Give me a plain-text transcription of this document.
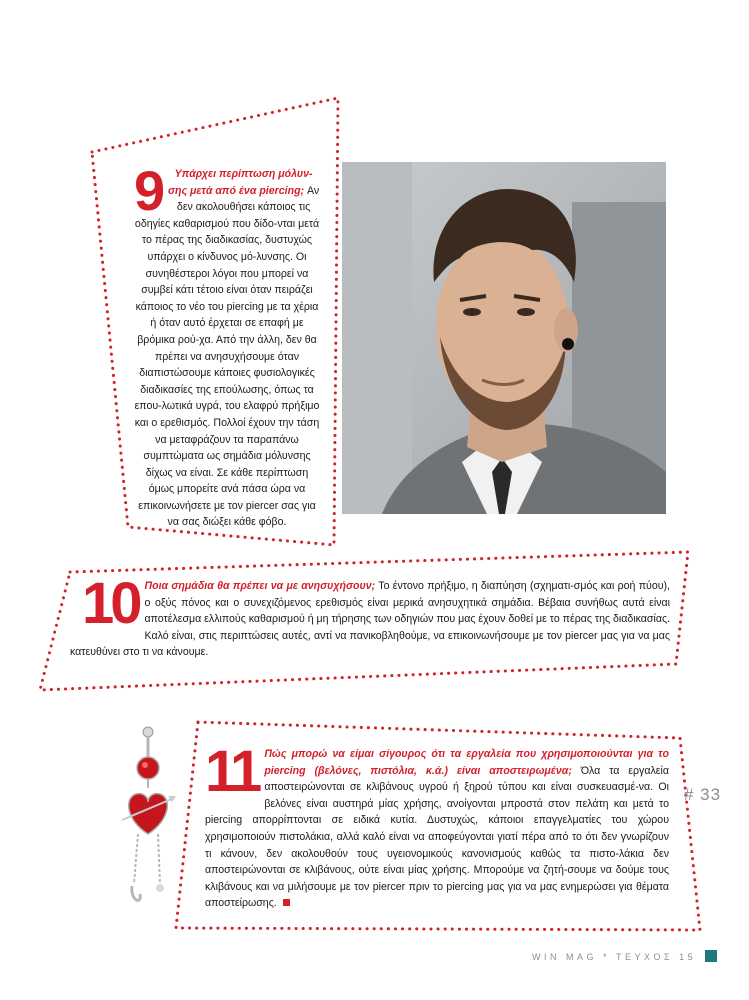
9 Υπάρχει περίπτωση μόλυν-σης μετά από ένα piercing; Αν δεν ακολουθήσει κάποιος τις οδηγίες καθαρισμού που δίδο-νται μετά το πέρας της διαδικασίας, δυστυχώς υπάρχει ο κίνδυνος μό-λυνσης. Οι συνηθέστεροι λόγοι που μπορεί να συμβεί κάτι τέτοιο είναι όταν πειράζει κάποιος το νέο του piercing με τα χέρια ή όταν αυτό έρχεται σε επαφή με βρόμικα ρού-χα. Από την άλλη, δεν θα πρέπει να ανησυχήσουμε όταν διαπιστώσουμε κάποιες φυσιολογικές διαδικασίες της επούλωσης, όπως τα επου-λωτικά υγρά, του ελαφρύ πρήξιμο και ο ερεθισμός. Πολλοί έχουν την τάση να μεταφράζουν τα παραπάνω συμπτώματα ως σημάδια μόλυνσης δίχως να είναι. Σε κάθε περίπτωση όμως μπορείτε ανά πάσα ώρα να επικοινωνήσετε με τον piercer σας για να σας διώξει κάθε φόβο.
10 Ποια σημάδια θα πρέπει να με ανησυχήσουν; Το έντονο πρήξιμο, η διαπύηση (σχηματι-σμός και ροή πύου), ο οξύς πόνος και ο συνεχιζόμενος ερεθισμός είναι μερικά ανησυχητικά σημάδια. Βέβαια συνήθως αυτά είναι αποτέλεσμα ελλιπούς καθαρισμού ή μη τήρησης των οδηγιών που μας έχουν δοθεί με το πέρας της διαδικασίας. Καλό είναι, στις περιπτώσεις αυτές, αντί να πανικοβληθούμε, να επικοινωνήσουμε με τον piercer μας για να μας κατευθύνει στο τι να κάνουμε.
11 Πώς μπορώ να είμαι σίγουρος ότι τα εργαλεία που χρησιμοποιούνται για το piercing (βελόνες, πιστόλια, κ.ά.) είναι αποστειρωμένα; Όλα τα εργαλεία αποστειρώνονται σε κλιβάνους υγρού ή ξηρού τύπου και είναι συσκευασμέ-να. Οι βελόνες είναι αυστηρά μίας χρήσης, ανοίγονται μπροστά στον πελάτη και μετά το piercing απορρίπτονται σε ειδικά κυτία. Δυστυχώς, κάποιοι επαγγελματίες του χώρου χρησιμοποιούν πιστολάκια, αλλά καλό είναι να αποφεύγονται γιατί πέρα από το ότι δεν γνωρίζουν τι κάνουν, δεν ακολουθούν τους υγειονομικούς κανονισμούς καθώς τα πιστο-λάκια δεν αποστειρώνονται σε κλιβάνους, ούτε είναι μίας χρήσης. Μπορούμε να ζητή-σουμε να δούμε τους κλιβάνους και να μιλήσουμε με τον piercer πριν το piercing μας για να μας ενημερώσει για θέματα αποστείρωσης.
# 33
WIN MAG * ΤΕΥΧΟΣ 15
